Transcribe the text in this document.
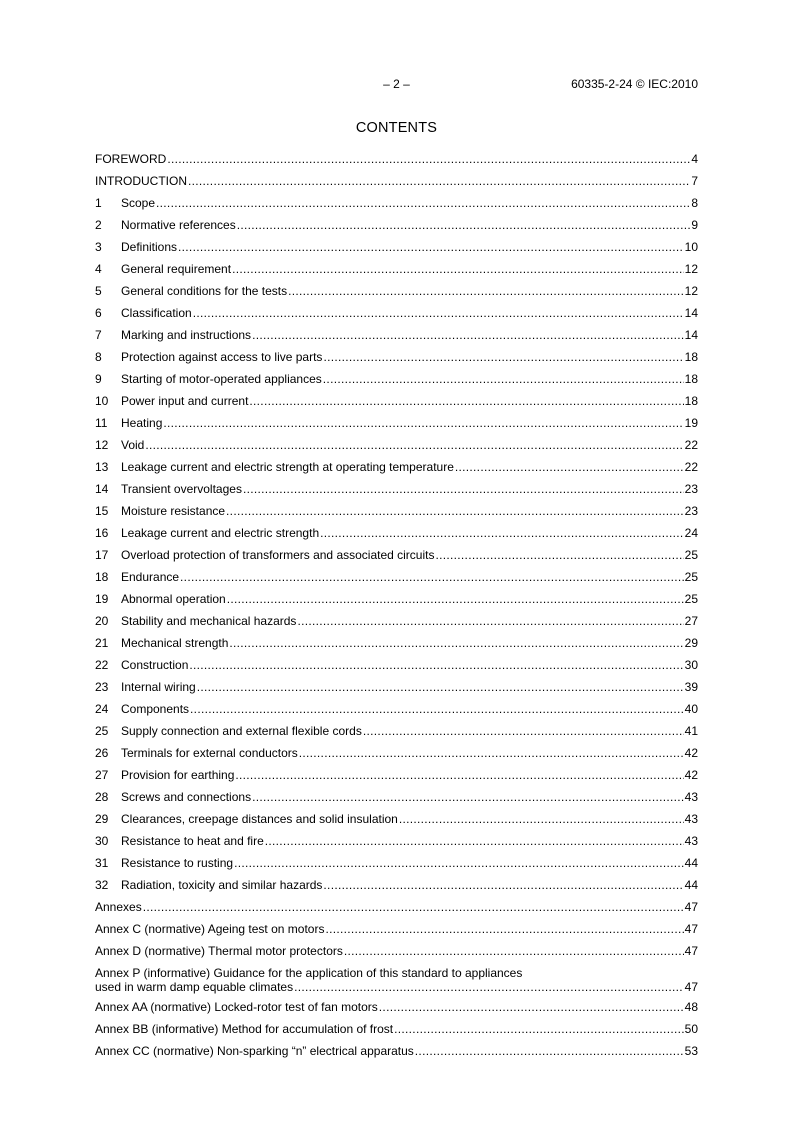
– 2 –	60335-2-24 © IEC:2010
CONTENTS
FOREWORD .....	4
INTRODUCTION .....	7
1	Scope .....	8
2	Normative references .....	9
3	Definitions .....	10
4	General requirement .....	12
5	General conditions for the tests .....	12
6	Classification .....	14
7	Marking and instructions .....	14
8	Protection against access to live parts .....	18
9	Starting of motor-operated appliances .....	18
10	Power input and current .....	18
11	Heating .....	19
12	Void .....	22
13	Leakage current and electric strength at operating temperature .....	22
14	Transient overvoltages .....	23
15	Moisture resistance .....	23
16	Leakage current and electric strength .....	24
17	Overload protection of transformers and associated circuits .....	25
18	Endurance .....	25
19	Abnormal operation .....	25
20	Stability and mechanical hazards .....	27
21	Mechanical strength .....	29
22	Construction .....	30
23	Internal wiring .....	39
24	Components .....	40
25	Supply connection and external flexible cords .....	41
26	Terminals for external conductors .....	42
27	Provision for earthing .....	42
28	Screws and connections .....	43
29	Clearances, creepage distances and solid insulation .....	43
30	Resistance to heat and fire .....	43
31	Resistance to rusting .....	44
32	Radiation, toxicity and similar hazards .....	44
Annexes .....	47
Annex C (normative) Ageing test on motors .....	47
Annex D (normative) Thermal motor protectors .....	47
Annex P (informative) Guidance for the application of this standard to appliances
used in warm damp equable climates .....	47
Annex AA (normative) Locked-rotor test of fan motors .....	48
Annex BB (informative) Method for accumulation of frost .....	50
Annex CC (normative) Non-sparking “n” electrical apparatus .....	53
